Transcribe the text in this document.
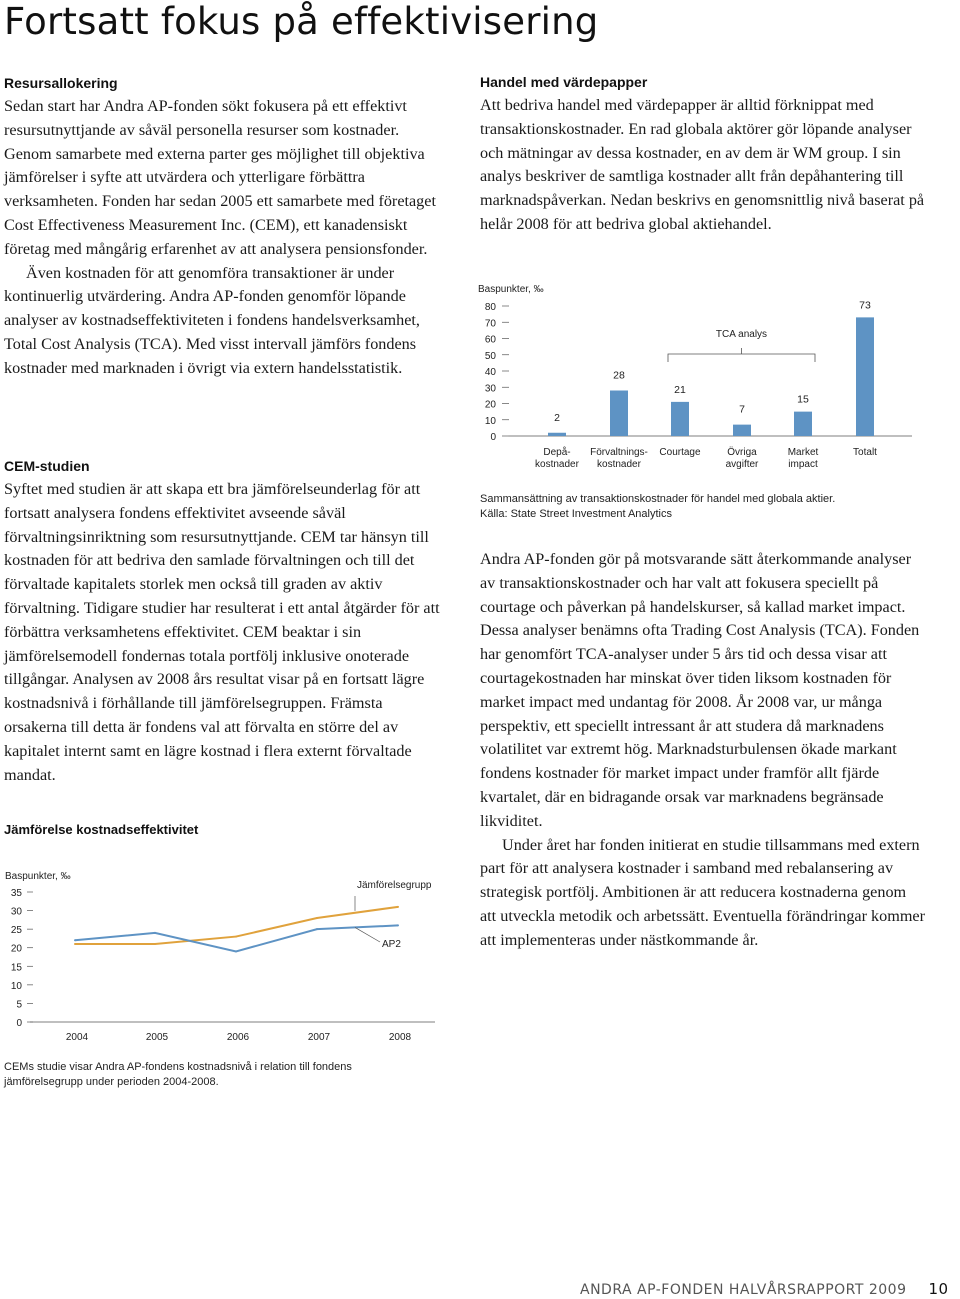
Fortsatt fokus på effektivisering
Resursallokering

Sedan start har Andra AP-fonden sökt fokusera på ett effektivt resursutnyttjande av såväl personella resurser som kostnader. Genom samarbete med externa parter ges möjlighet till objektiva jämförelser i syfte att utvärdera och ytterligare förbättra verksamheten. Fonden har sedan 2005 ett samarbete med företaget Cost Effectiveness Measurement Inc. (CEM), ett kanadensiskt företag med mångårig erfarenhet av att analysera pensionsfonder.

Även kostnaden för att genomföra transaktioner är under kontinuerlig utvärdering. Andra AP-fonden genomför löpande analyser av kostnadseffektiviteten i fondens handelsverksamhet, Total Cost Analysis (TCA). Med visst intervall jämförs fondens kostnader med marknaden i övrigt via extern handelsstatistik.

CEM-studien

Syftet med studien är att skapa ett bra jämförelseunderlag för att fortsatt analysera fondens effektivitet avseende såväl förvaltningsinriktning som resursutnyttjande. CEM tar hänsyn till kostnaden för att bedriva den samlade förvaltningen och till det förvaltade kapitalets storlek men också till graden av aktiv förvaltning. Tidigare studier har resulterat i ett antal åtgärder för att förbättra verksamhetens effektivitet. CEM beaktar i sin jämförelsemodell fondernas totala portfölj inklusive onoterade tillgångar. Analysen av 2008 års resultat visar på en fortsatt lägre kostnadsnivå i förhållande till jämförelsegruppen. Främsta orsakerna till detta är fondens val att förvalta en större del av kapitalet internt samt en lägre kostnad i flera externt förvaltade mandat.

Jämförelse kostnadseffektivitet
Baspunkter, ‰
0
5
10
15
20
25
30
35
2004	2005	2006	2007	2008
Jämförelsegrupp
AP2

CEMs studie visar Andra AP-fondens kostnadsnivå i relation till fondens jämförelsegrupp under perioden 2004-2008.

Handel med värdepapper

Att bedriva handel med värdepapper är alltid förknippat med transaktionskostnader. En rad globala aktörer gör löpande analyser och mätningar av dessa kostnader, en av dem är WM group. I sin analys beskriver de samtliga kostnader allt från depåhantering till marknadspåverkan. Nedan beskrivs en genomsnittlig nivå baserat på helår 2008 för att bedriva global aktiehandel.

Baspunkter, ‰
0
10
20
30
40
50
60
70
80
2
Depå-
kostnader
28
Förvaltnings-
kostnader
21
Courtage
7
Övriga
avgifter
15
Market
impact
73
Totalt
TCA analys

Sammansättning av transaktionskostnader för handel med globala aktier.
Källa: State Street Investment Analytics

Andra AP-fonden gör på motsvarande sätt återkommande analyser av transaktionskostnader och har valt att fokusera speciellt på courtage och påverkan på handelskurser, så kallad market impact. Dessa analyser benämns ofta Trading Cost Analysis (TCA). Fonden har genomfört TCA-analyser under 5 års tid och dessa visar att courtagekostnaden har minskat över tiden liksom kostnaden för market impact med undantag för 2008. År 2008 var, ur många perspektiv, ett speciellt intressant år att studera då marknadens volatilitet var extremt hög. Marknadsturbulensen ökade markant fondens kostnader för market impact under framför allt fjärde kvartalet, där en bidragande orsak var marknadens begränsade likviditet.

Under året har fonden initierat en studie tillsammans med extern part för att analysera kostnader i samband med rebalansering av strategisk portfölj. Ambitionen är att reducera kostnaderna genom att utveckla metodik och arbetssätt. Eventuella förändringar kommer att implementeras under nästkommande år.

ANDRA AP-FONDEN HALVÅRSRAPPORT 2009 10
